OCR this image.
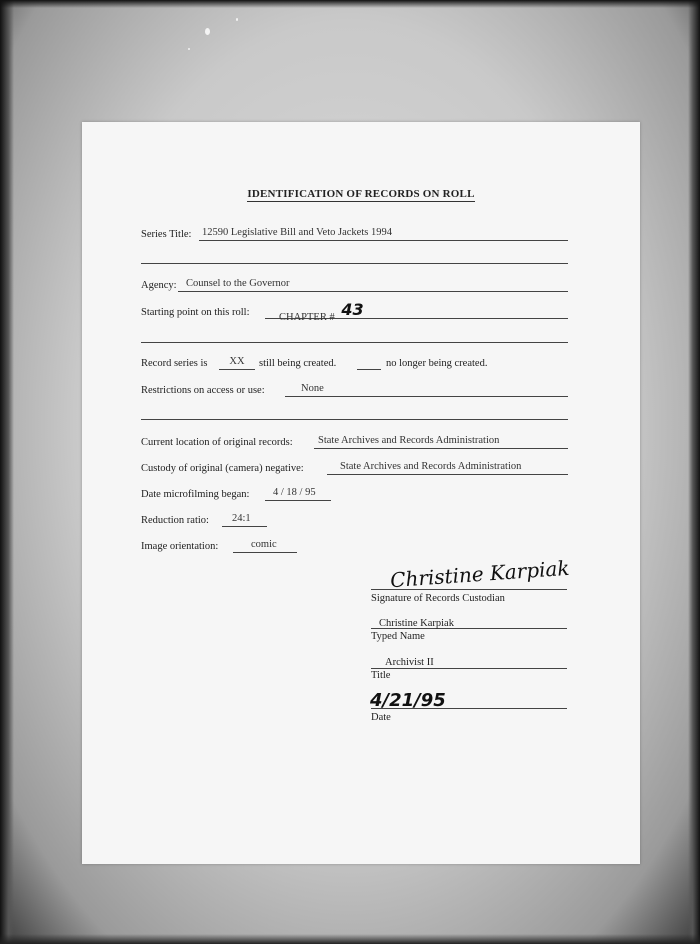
IDENTIFICATION OF RECORDS ON ROLL
Series Title: 12590 Legislative Bill and Veto Jackets 1994
Agency: Counsel to the Governor
Starting point on this roll:	CHAPTER # 43
Record series is	XX	still being created.	no longer being created.
Restrictions on access or use:	None
Current location of original records:	State Archives and Records Administration
Custody of original (camera) negative:	State Archives and Records Administration
Date microfilming began:	4 / 18 / 95
Reduction ratio:	24:1
Image orientation:	comic
Christine Karpiak
Signature of Records Custodian
Christine Karpiak
Typed Name
Archivist II
Title
4/21/95
Date
